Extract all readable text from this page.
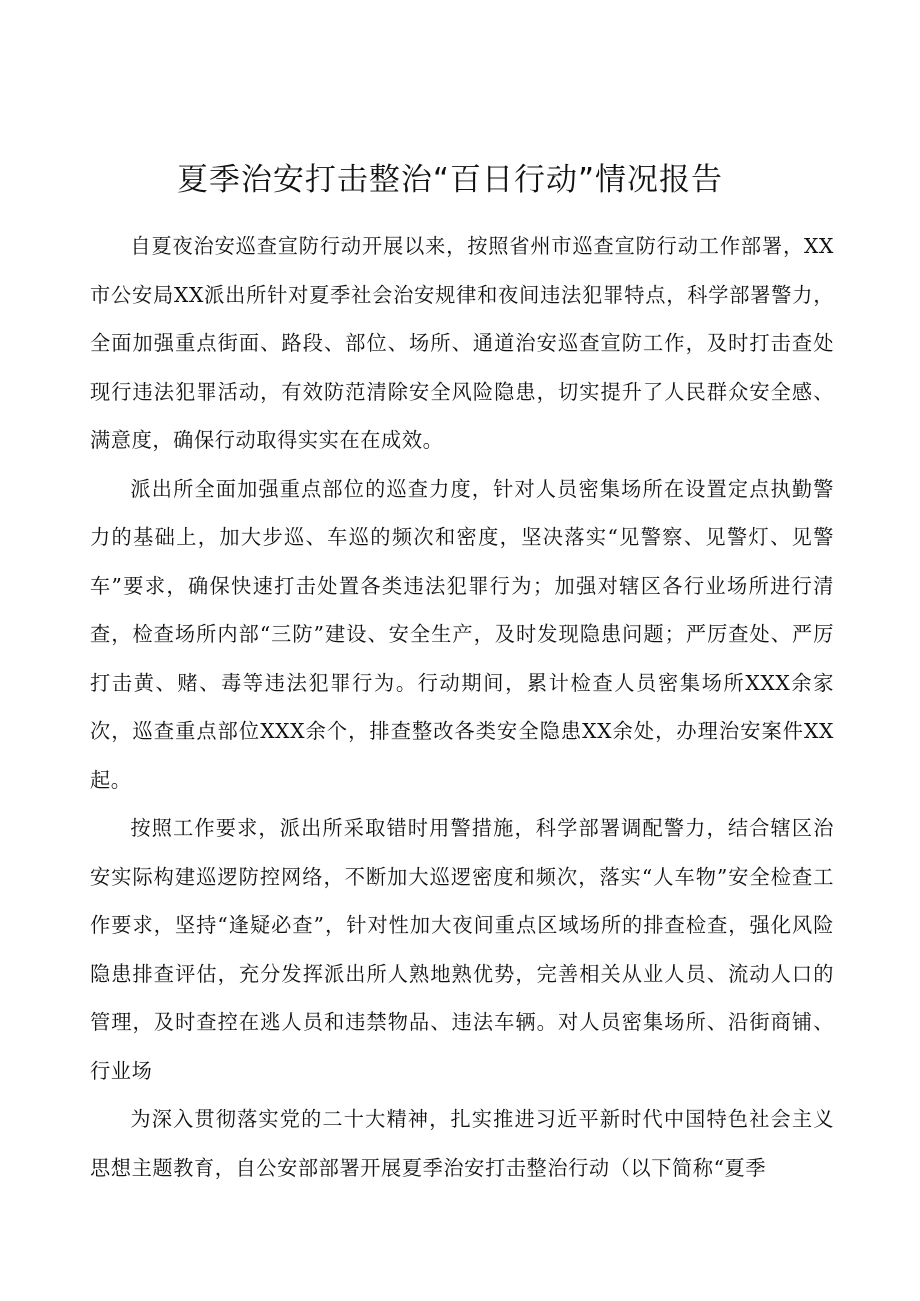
夏季治安打击整治“百日行动”情况报告

自夏夜治安巡查宣防行动开展以来，按照省州市巡查宣防行动工作部署，XX市公安局XX派出所针对夏季社会治安规律和夜间违法犯罪特点，科学部署警力，全面加强重点街面、路段、部位、场所、通道治安巡查宣防工作，及时打击查处现行违法犯罪活动，有效防范清除安全风险隐患，切实提升了人民群众安全感、满意度，确保行动取得实实在在成效。

派出所全面加强重点部位的巡查力度，针对人员密集场所在设置定点执勤警力的基础上，加大步巡、车巡的频次和密度，坚决落实“见警察、见警灯、见警车”要求，确保快速打击处置各类违法犯罪行为；加强对辖区各行业场所进行清查，检查场所内部“三防”建设、安全生产，及时发现隐患问题；严厉查处、严厉打击黄、赌、毒等违法犯罪行为。行动期间，累计检查人员密集场所XXX余家次，巡查重点部位XXX余个，排查整改各类安全隐患XX余处，办理治安案件XX起。

按照工作要求，派出所采取错时用警措施，科学部署调配警力，结合辖区治安实际构建巡逻防控网络，不断加大巡逻密度和频次，落实“人车物”安全检查工作要求，坚持“逢疑必查”，针对性加大夜间重点区域场所的排查检查，强化风险隐患排查评估，充分发挥派出所人熟地熟优势，完善相关从业人员、流动人口的管理，及时查控在逃人员和违禁物品、违法车辆。对人员密集场所、沿街商铺、行业场

为深入贯彻落实党的二十大精神，扎实推进习近平新时代中国特色社会主义思想主题教育，自公安部部署开展夏季治安打击整治行动（以下简称“夏季
